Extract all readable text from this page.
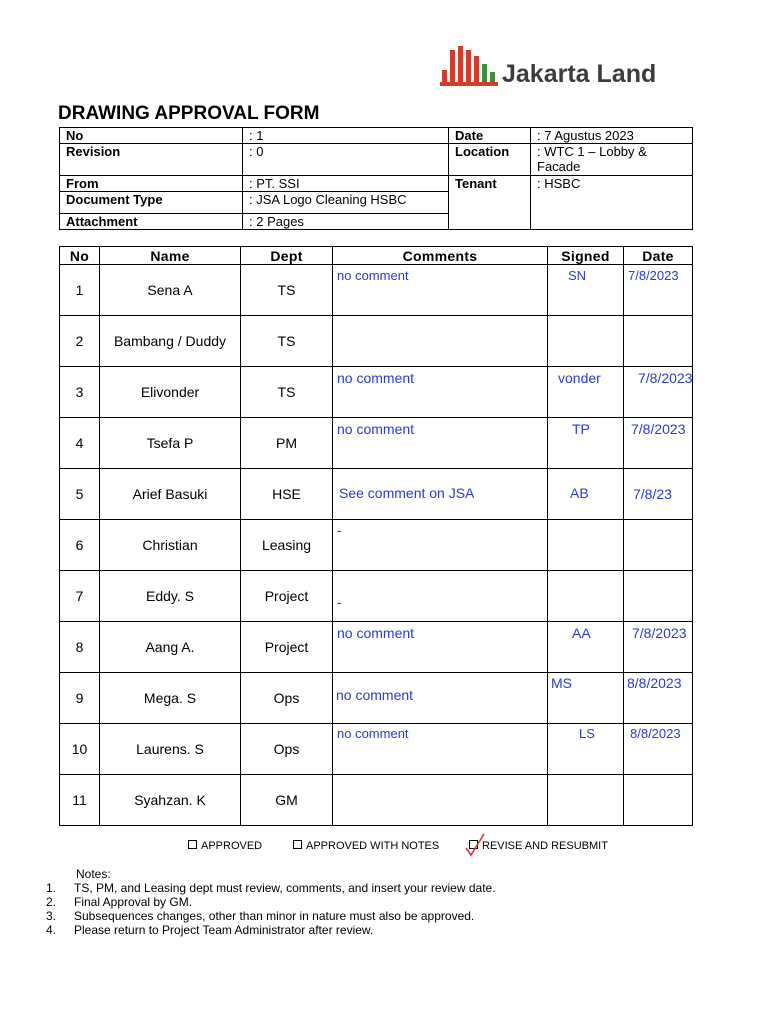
Jakarta Land
DRAWING APPROVAL FORM
No	: 1	Date	: 7 Agustus 2023
Revision	: 0	Location	: WTC 1 – Lobby & Facade
From	: PT. SSI	Tenant	: HSBC
Document Type	: JSA Logo Cleaning HSBC		
Attachment	: 2 Pages		
No	Name	Dept	Comments	Signed	Date
1	Sena A	TS	no comment	SN	7/8/2023

2	Bambang / Duddy	TS			
3	Elivonder	TS	no comment	vonder	7/8/2023

4	Tsefa P	PM	no comment	TP	7/8/2023

5	Arief Basuki	HSE	See comment on JSA	AB	7/8/23

6	Christian	Leasing	-		

7	Eddy. S	Project	-		

8	Aang A.	Project	no comment	AA	7/8/2023

9	Mega. S	Ops	no comment	MS	8/8/2023

10	Laurens. S	Ops	no comment	LS	8/8/2023

11	Syahzan. K	GM			
APPROVED	APPROVED WITH NOTES	REVISE AND RESUBMIT
Notes:
1. TS, PM, and Leasing dept must review, comments, and insert your review date.
2. Final Approval by GM.
3. Subsequences changes, other than minor in nature must also be approved.
4. Please return to Project Team Administrator after review.
